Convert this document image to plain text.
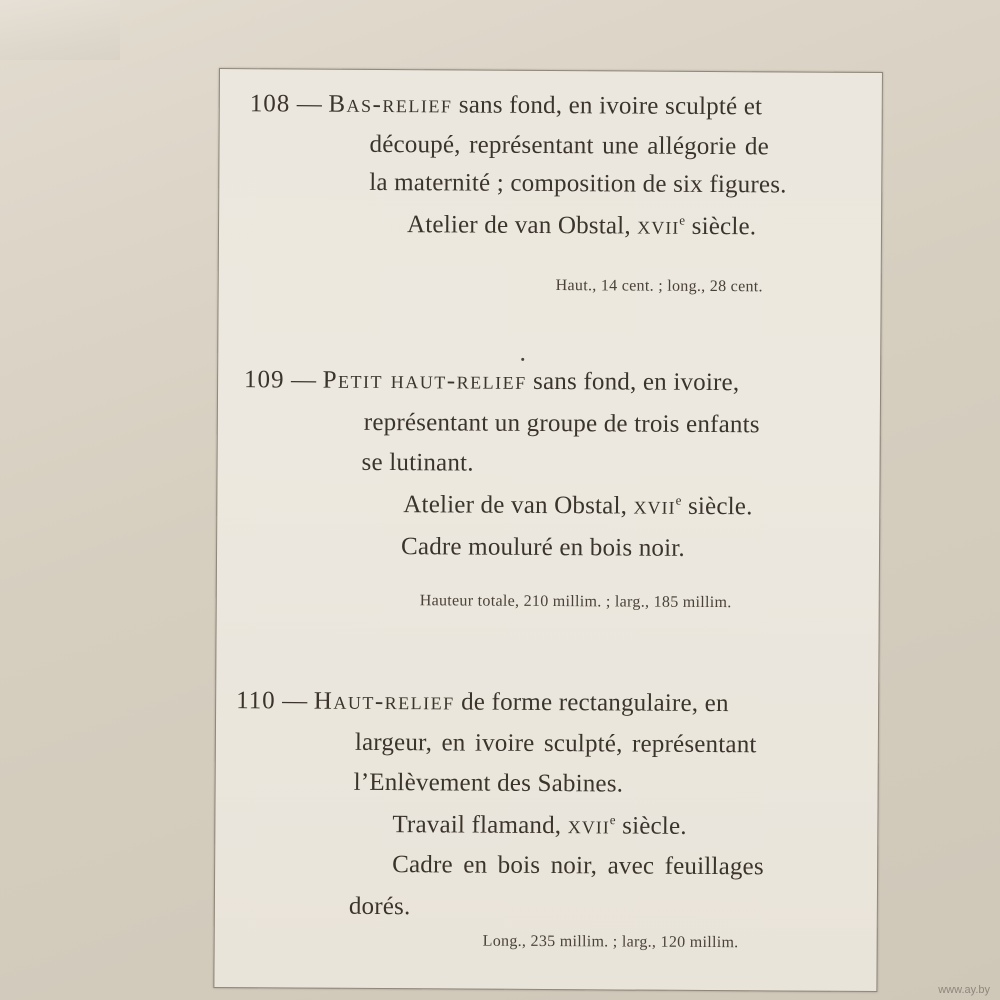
108 — Bas-relief sans fond, en ivoire sculpté et
découpé, représentant une allégorie de
la maternité ; composition de six figures.
Atelier de van Obstal, xvii$^e$ siècle.
Haut., 14 cent. ; long., 28 cent.
109 — Petit haut-relief sans fond, en ivoire,
représentant un groupe de trois enfants
se lutinant.
Atelier de van Obstal, xvii$^e$ siècle.
Cadre mouluré en bois noir.
Hauteur totale, 210 millim. ; larg., 185 millim.
110 — Haut-relief de forme rectangulaire, en
largeur, en ivoire sculpté, représentant
l’Enlèvement des Sabines.
Travail flamand, xvii$^e$ siècle.
Cadre en bois noir, avec feuillages
dorés.
Long., 235 millim. ; larg., 120 millim.
www.ay.by
